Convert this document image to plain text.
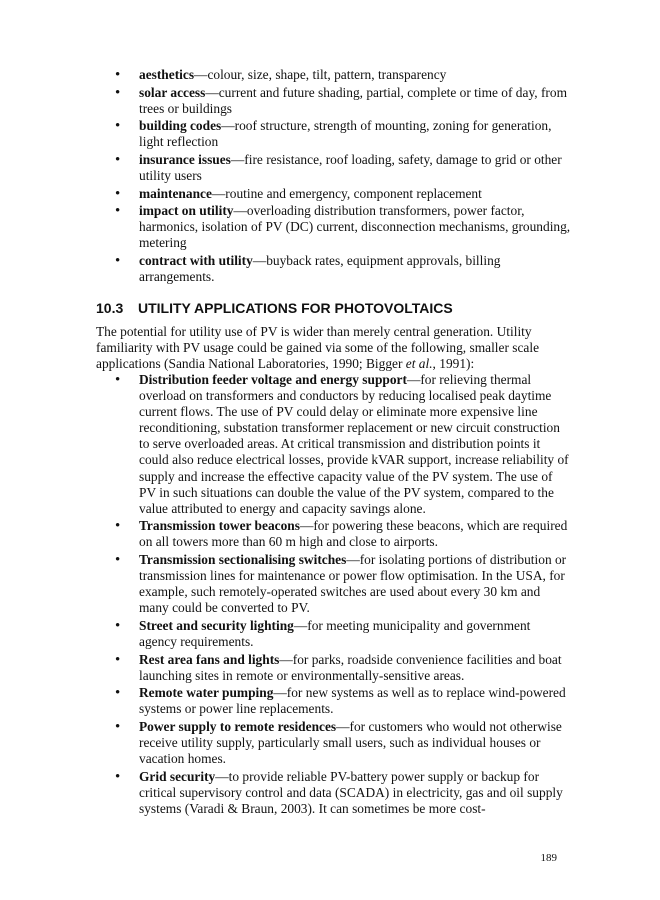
• aesthetics—colour, size, shape, tilt, pattern, transparency
• solar access—current and future shading, partial, complete or time of day, from trees or buildings
• building codes—roof structure, strength of mounting, zoning for generation, light reflection
• insurance issues—fire resistance, roof loading, safety, damage to grid or other utility users
• maintenance—routine and emergency, component replacement
• impact on utility—overloading distribution transformers, power factor, harmonics, isolation of PV (DC) current, disconnection mechanisms, grounding, metering
• contract with utility—buyback rates, equipment approvals, billing arrangements.
10.3 UTILITY APPLICATIONS FOR PHOTOVOLTAICS

The potential for utility use of PV is wider than merely central generation. Utility familiarity with PV usage could be gained via some of the following, smaller scale applications (Sandia National Laboratories, 1990; Bigger et al., 1991):

• Distribution feeder voltage and energy support—for relieving thermal overload on transformers and conductors by reducing localised peak daytime current flows. The use of PV could delay or eliminate more expensive line reconditioning, substation transformer replacement or new circuit construction to serve overloaded areas. At critical transmission and distribution points it could also reduce electrical losses, provide kVAR support, increase reliability of supply and increase the effective capacity value of the PV system. The use of PV in such situations can double the value of the PV system, compared to the value attributed to energy and capacity savings alone.
• Transmission tower beacons—for powering these beacons, which are required on all towers more than 60 m high and close to airports.
• Transmission sectionalising switches—for isolating portions of distribution or transmission lines for maintenance or power flow optimisation. In the USA, for example, such remotely-operated switches are used about every 30 km and many could be converted to PV.
• Street and security lighting—for meeting municipality and government agency requirements.
• Rest area fans and lights—for parks, roadside convenience facilities and boat launching sites in remote or environmentally-sensitive areas.
• Remote water pumping—for new systems as well as to replace wind-powered systems or power line replacements.
• Power supply to remote residences—for customers who would not otherwise receive utility supply, particularly small users, such as individual houses or vacation homes.
• Grid security—to provide reliable PV-battery power supply or backup for critical supervisory control and data (SCADA) in electricity, gas and oil supply systems (Varadi & Braun, 2003). It can sometimes be more cost-
189
